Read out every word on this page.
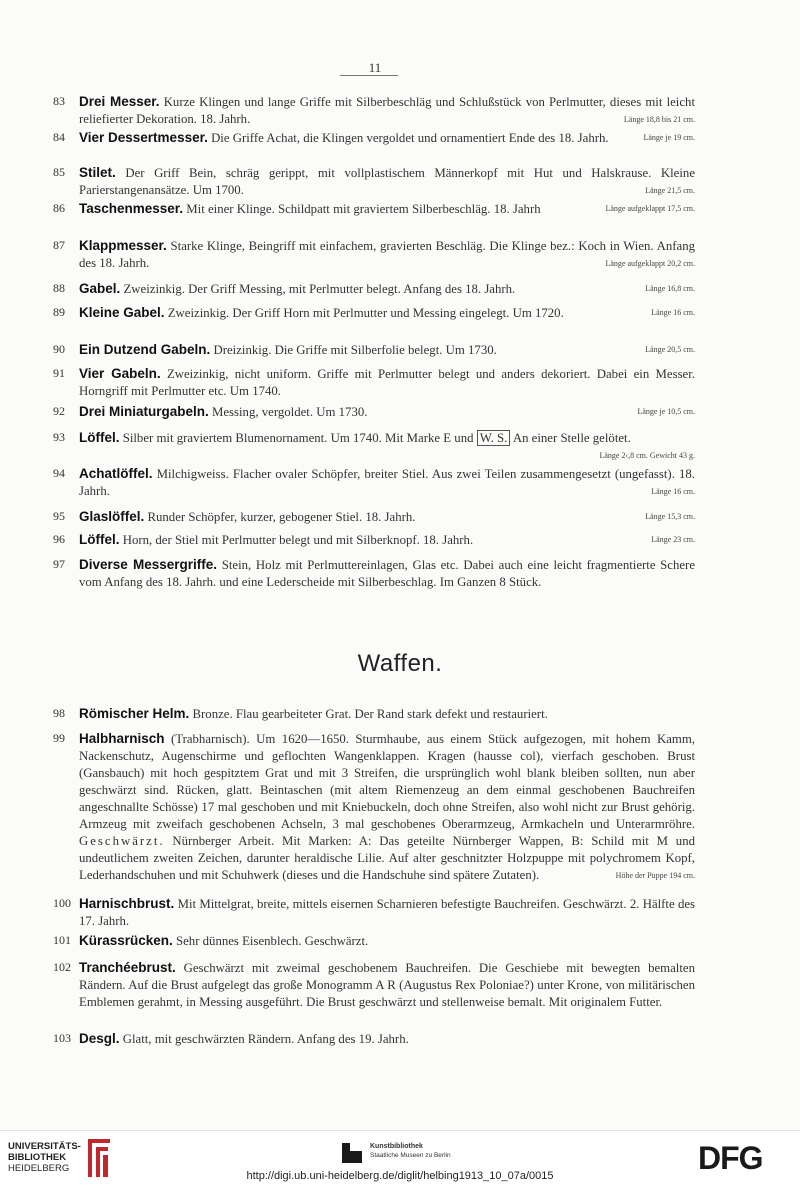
11
83	Drei Messer. Kurze Klingen und lange Griffe mit Silberbeschläg und Schlußstück von Perlmutter, dieses mit leicht reliefierter Dekoration. 18. Jahrh.	Länge 18,8 bis 21 cm.
84	Vier Dessertmesser. Die Griffe Achat, die Klingen vergoldet und ornamentiert Ende des 18. Jahrh.	Länge je 19 cm.
85	Stilet. Der Griff Bein, schräg gerippt, mit vollplastischem Männerkopf mit Hut und Halskrause. Kleine Parierstangenansätze. Um 1700.	Länge 21,5 cm.
86	Taschenmesser. Mit einer Klinge. Schildpatt mit graviertem Silberbeschläg. 18. Jahrh	Länge aufgeklappt 17,5 cm.
87	Klappmesser. Starke Klinge, Beingriff mit einfachem, gravierten Beschläg. Die Klinge bez.: Koch in Wien. Anfang des 18. Jahrh.	Länge aufgeklappt 20,2 cm.
88	Gabel. Zweizinkig. Der Griff Messing, mit Perlmutter belegt. Anfang des 18. Jahrh.	Länge 16,8 cm.
89	Kleine Gabel. Zweizinkig. Der Griff Horn mit Perlmutter und Messing eingelegt. Um 1720.	Länge 16 cm.
90	Ein Dutzend Gabeln. Dreizinkig. Die Griffe mit Silberfolie belegt. Um 1730.	Länge 20,5 cm.
91	Vier Gabeln. Zweizinkig, nicht uniform. Griffe mit Perlmutter belegt und anders dekoriert. Dabei ein Messer. Horngriff mit Perlmutter etc. Um 1740.
92	Drei Miniaturgabeln. Messing, vergoldet. Um 1730.	Länge je 10,5 cm.
93	Löffel. Silber mit graviertem Blumenornament. Um 1740. Mit Marke E und W. S. An einer Stelle gelötet.
Länge 2‹,8 cm. Gewicht 43 g.
94	Achatlöffel. Milchigweiss. Flacher ovaler Schöpfer, breiter Stiel. Aus zwei Teilen zusammengesetzt (ungefasst). 18. Jahrh.	Länge 16 cm.
95	Glaslöffel. Runder Schöpfer, kurzer, gebogener Stiel. 18. Jahrh.	Länge 15,3 cm.
96	Löffel. Horn, der Stiel mit Perlmutter belegt und mit Silberknopf. 18. Jahrh.	Länge 23 cm.
97	Diverse Messergriffe. Stein, Holz mit Perlmuttereinlagen, Glas etc. Dabei auch eine leicht fragmentierte Schere vom Anfang des 18. Jahrh. und eine Lederscheide mit Silberbeschlag. Im Ganzen 8 Stück.
Waffen.
98	Römischer Helm. Bronze. Flau gearbeiteter Grat. Der Rand stark defekt und restauriert.
99	Halbharnisch (Trabharnisch). Um 1620—1650. Sturmhaube, aus einem Stück aufgezogen, mit hohem Kamm, Nackenschutz, Augenschirme und geflochten Wangenklappen. Kragen (hausse col), vierfach geschoben. Brust (Gansbauch) mit hoch gespitztem Grat und mit 3 Streifen, die ursprünglich wohl blank bleiben sollten, nun aber geschwärzt sind. Rücken, glatt. Beintaschen (mit altem Riemenzeug an dem einmal geschobenen Bauchreifen angeschnallte Schösse) 17 mal geschoben und mit Kniebuckeln, doch ohne Streifen, also wohl nicht zur Brust gehörig. Armzeug mit zweifach geschobenen Achseln, 3 mal geschobenes Oberarmzeug, Armkacheln und Unterarmröhre. Geschwärzt. Nürnberger Arbeit. Mit Marken: A: Das geteilte Nürnberger Wappen, B: Schild mit M und undeutlichem zweiten Zeichen, darunter heraldische Lilie. Auf alter geschnitzter Holzpuppe mit polychromem Kopf, Lederhandschuhen und mit Schuhwerk (dieses und die Handschuhe sind spätere Zutaten).	Höhe der Puppe 194 cm.
100 Harnischbrust. Mit Mittelgrat, breite, mittels eisernen Scharnieren befestigte Bauchreifen. Geschwärzt. 2. Hälfte des 17. Jahrh.
101 Kürassrücken. Sehr dünnes Eisenblech. Geschwärzt.
102 Tranchéebrust. Geschwärzt mit zweimal geschobenem Bauchreifen. Die Geschiebe mit bewegten bemalten Rändern. Auf die Brust aufgelegt das große Monogramm A R (Augustus Rex Poloniae?) unter Krone, von militärischen Emblemen gerahmt, in Messing ausgeführt. Die Brust geschwärzt und stellenweise bemalt. Mit originalem Futter.
103 Desgl. Glatt, mit geschwärzten Rändern. Anfang des 19. Jahrh.
UNIVERSITÄTS-
BIBLIOTHEK
HEIDELBERG
Kunstbibliothek
Staatliche Museen zu Berlin	DFG
http://digi.ub.uni-heidelberg.de/diglit/helbing1913_10_07a/0015
